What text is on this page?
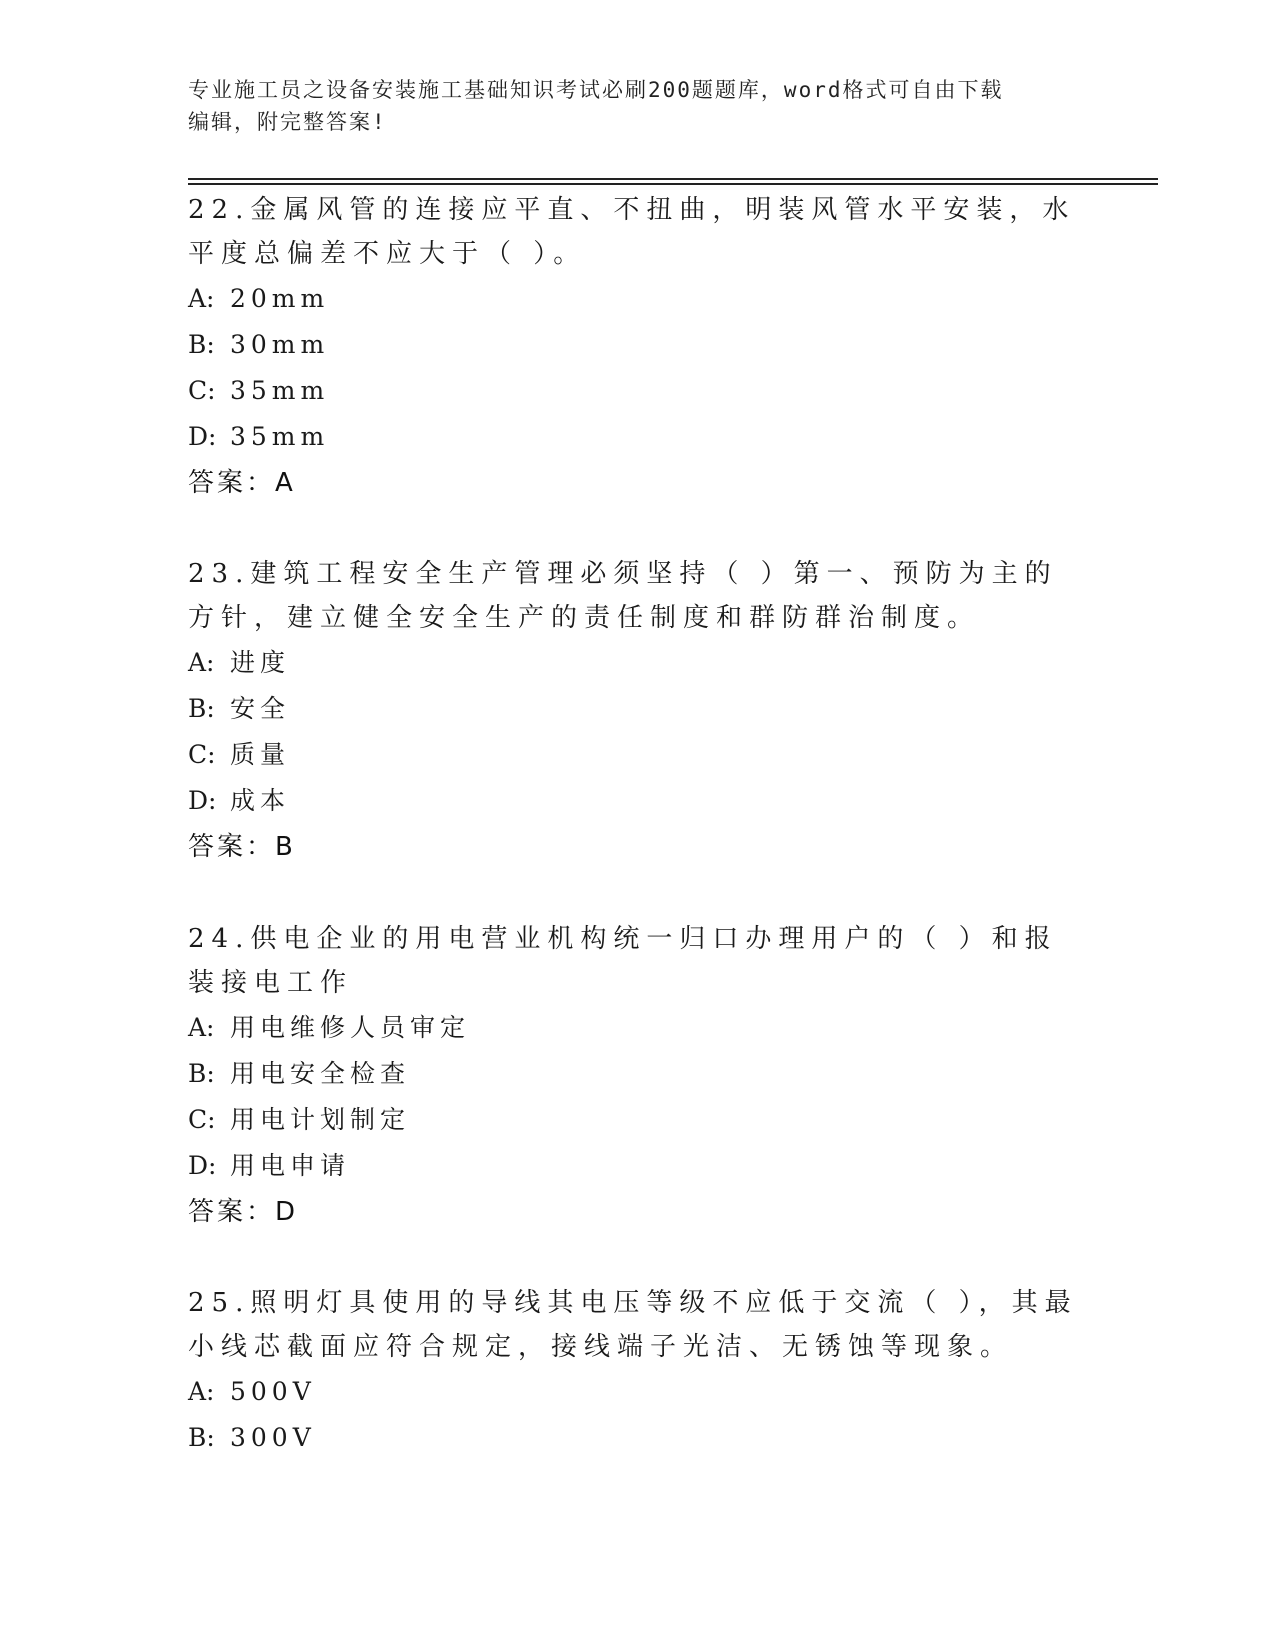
专业施工员之设备安装施工基础知识考试必刷200题题库，word格式可自由下载
编辑，附完整答案!

22.金属风管的连接应平直、不扭曲，明装风管水平安装，水平度总偏差不应大于（ ）。

A: 20mm
B: 30mm
C: 35mm
D: 35mm
答案：A

23.建筑工程安全生产管理必须坚持（ ）第一、预防为主的方针，建立健全安全生产的责任制度和群防群治制度。

A: 进度
B: 安全
C: 质量
D: 成本
答案：B

24.供电企业的用电营业机构统一归口办理用户的（ ）和报装接电工作

A: 用电维修人员审定
B: 用电安全检查
C: 用电计划制定
D: 用电申请
答案：D

25.照明灯具使用的导线其电压等级不应低于交流（ ），其最小线芯截面应符合规定，接线端子光洁、无锈蚀等现象。

A: 500V
B: 300V
